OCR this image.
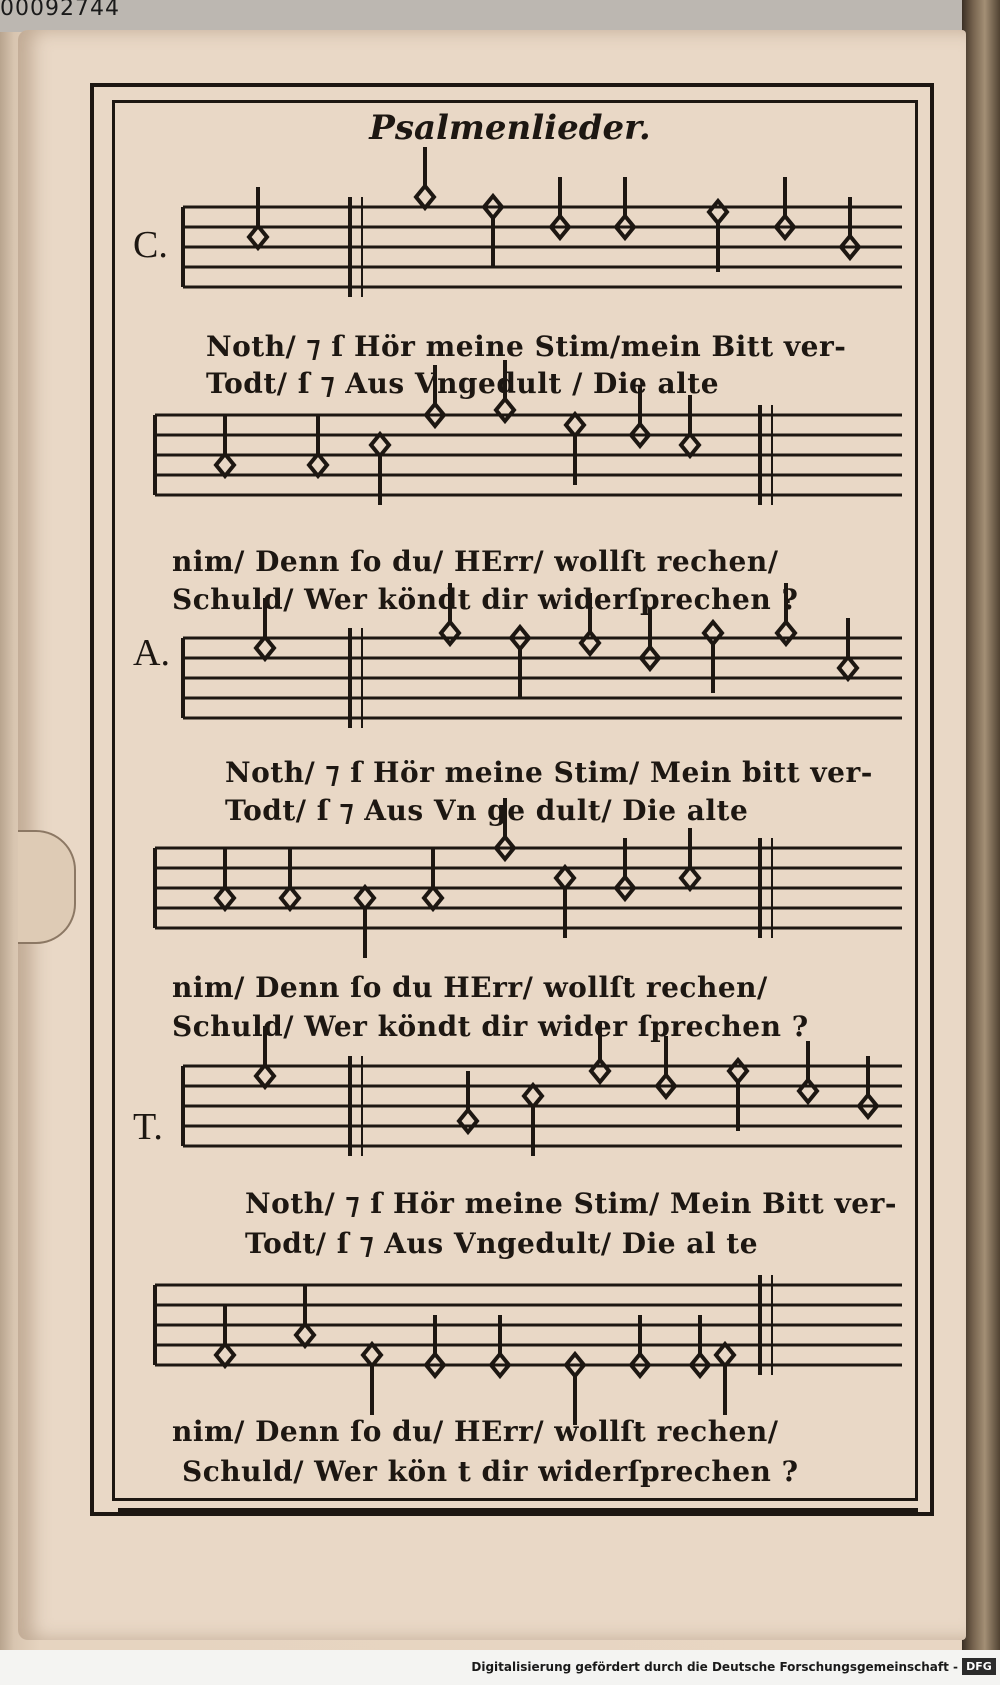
00092744
Psalmenlieder.
C.
A.
T.
Noth/ ⁊ ſ Hör meine Stim/mein Bitt ver-
Todt/ ſ ⁊ Aus Vngedult / Die alte
nim/ Denn ſo du/ HErr/ wollſt rechen/
Schuld/ Wer köndt dir widerſprechen ?
Noth/ ⁊ ſ Hör meine Stim/ Mein bitt ver-
Todt/ ſ ⁊ Aus Vn ge dult/ Die alte
nim/ Denn ſo du HErr/ wollſt rechen/
Schuld/ Wer köndt dir wider ſprechen ?
Noth/ ⁊ ſ Hör meine Stim/ Mein Bitt ver-
Todt/ ſ ⁊ Aus Vngedult/ Die al te
nim/ Denn ſo du/ HErr/ wollſt rechen/
Schuld/ Wer kön t dir widerſprechen ?
Digitalisierung gefördert durch die Deutsche Forschungsgemeinschaft - DFG
